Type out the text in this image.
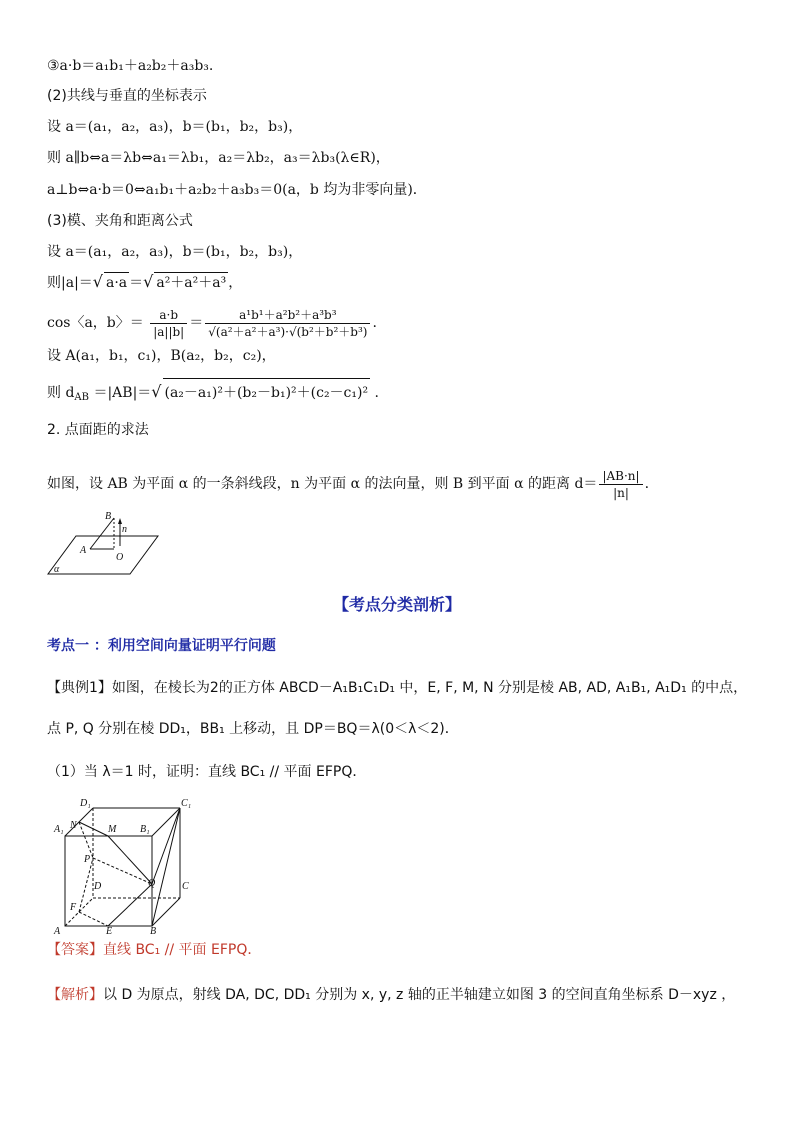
③a·b＝a₁b₁＋a₂b₂＋a₃b₃.
(2)共线与垂直的坐标表示
设 a＝(a₁，a₂，a₃)，b＝(b₁，b₂，b₃)，
则 a∥b⇔a＝λb⇔a₁＝λb₁，a₂＝λb₂，a₃＝λb₃(λ∈R)，
a⊥b⇔a·b＝0⇔a₁b₁＋a₂b₂＋a₃b₃＝0(a，b 均为非零向量)．
(3)模、夹角和距离公式
设 a＝(a₁，a₂，a₃)，b＝(b₁，b₂，b₃)，
则|a|＝√ a·a ＝√ a²＋a²＋a³ ，
cos〈a，b〉＝ $\frac{a\cdot b}{|a||b|} = \frac{\text{a¹b¹＋a²b²＋a³b³}}{\text{√(a²＋a²＋a³)·√(b²＋b²＋b³)}}$ .
设 A(a₁，b₁，c₁)，B(a₂，b₂，c₂)，
则 $d_{AB} =|AB|=√$ (a₂－a₁)²＋(b₂－b₁)²＋(c₂－c₁)² .
2. 点面距的求法
如图，设 AB 为平面 α 的一条斜线段，n 为平面 α 的法向量，则 B 到平面 α 的距离 $d= \frac{|AB\cdot n|}{|n|}$ .
B
n
A
O
α
【考点分类剖析】
考点一 ：利用空间向量证明平行问题
【典例1】如图，在棱长为2的正方体 ABCD－A₁B₁C₁D₁ 中，E, F, M, N 分别是棱 AB, AD, A₁B₁, A₁D₁ 的中点，
点 P, Q 分别在棱 DD₁，BB₁ 上移动，且 DP＝BQ＝λ(0＜λ＜2)．
（1）当 λ＝1 时，证明：直线 BC₁ // 平面 EFPQ．
D₁	C₁
A₁ N	M B₁
P
Q	C
D
F
A	E	B
【答案】直线 BC₁ // 平面 EFPQ．
【解析】以 D 为原点，射线 DA, DC, DD₁ 分别为 x, y, z 轴的正半轴建立如图 3 的空间直角坐标系 D－xyz ，
